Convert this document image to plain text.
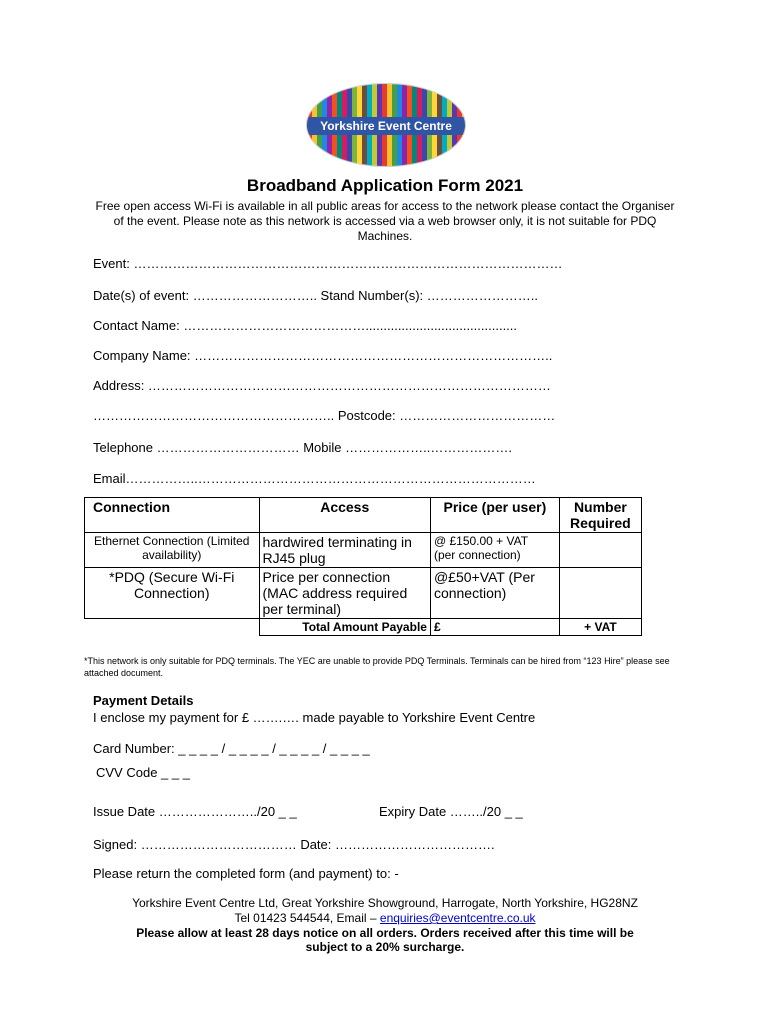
Yorkshire Event Centre
Broadband Application Form 2021
Free open access Wi-Fi is available in all public areas for access to the network please contact the Organiser of the event. Please note as this network is accessed via a web browser only, it is not suitable for PDQ Machines.
Event: ………………………………………………………………………………………
Date(s) of event: ……………………….. Stand Number(s): ……………………..
Contact Name: ……………………………………..........................................
Company Name: ………………………………………………………………………..
Address: …………………………………………………………………………………
……………………………………………….. Postcode: ………………………………
Telephone …………………………… Mobile ………………..……………….
Email……………..……………………………………………………………………
Connection	Access	Price (per user)	Number Required
Ethernet Connection (Limited availability)	hardwired terminating in RJ45 plug	@ £150.00 + VAT
(per connection)	

*PDQ (Secure Wi-Fi Connection)	Price per connection (MAC address required per terminal)	@£50+VAT (Per connection)	
	Total Amount Payable	£	+ VAT
*This network is only suitable for PDQ terminals. The YEC are unable to provide PDQ Terminals. Terminals can be hired from “123 Hire” please see attached document.
Payment Details
I enclose my payment for £ …….…. made payable to Yorkshire Event Centre
Card Number: _ _ _ _ / _ _ _ _ / _ _ _ _ / _ _ _ _
CVV Code _ _ _
Issue Date …………………../20 _ _	Expiry Date ……../20 _ _
Signed: ……………………………… Date: ……………………………….
Please return the completed form (and payment) to: -
Yorkshire Event Centre Ltd, Great Yorkshire Showground, Harrogate, North Yorkshire, HG28NZ
Tel 01423 544544, Email – enquiries@eventcentre.co.uk
Please allow at least 28 days notice on all orders. Orders received after this time will be
subject to a 20% surcharge.
